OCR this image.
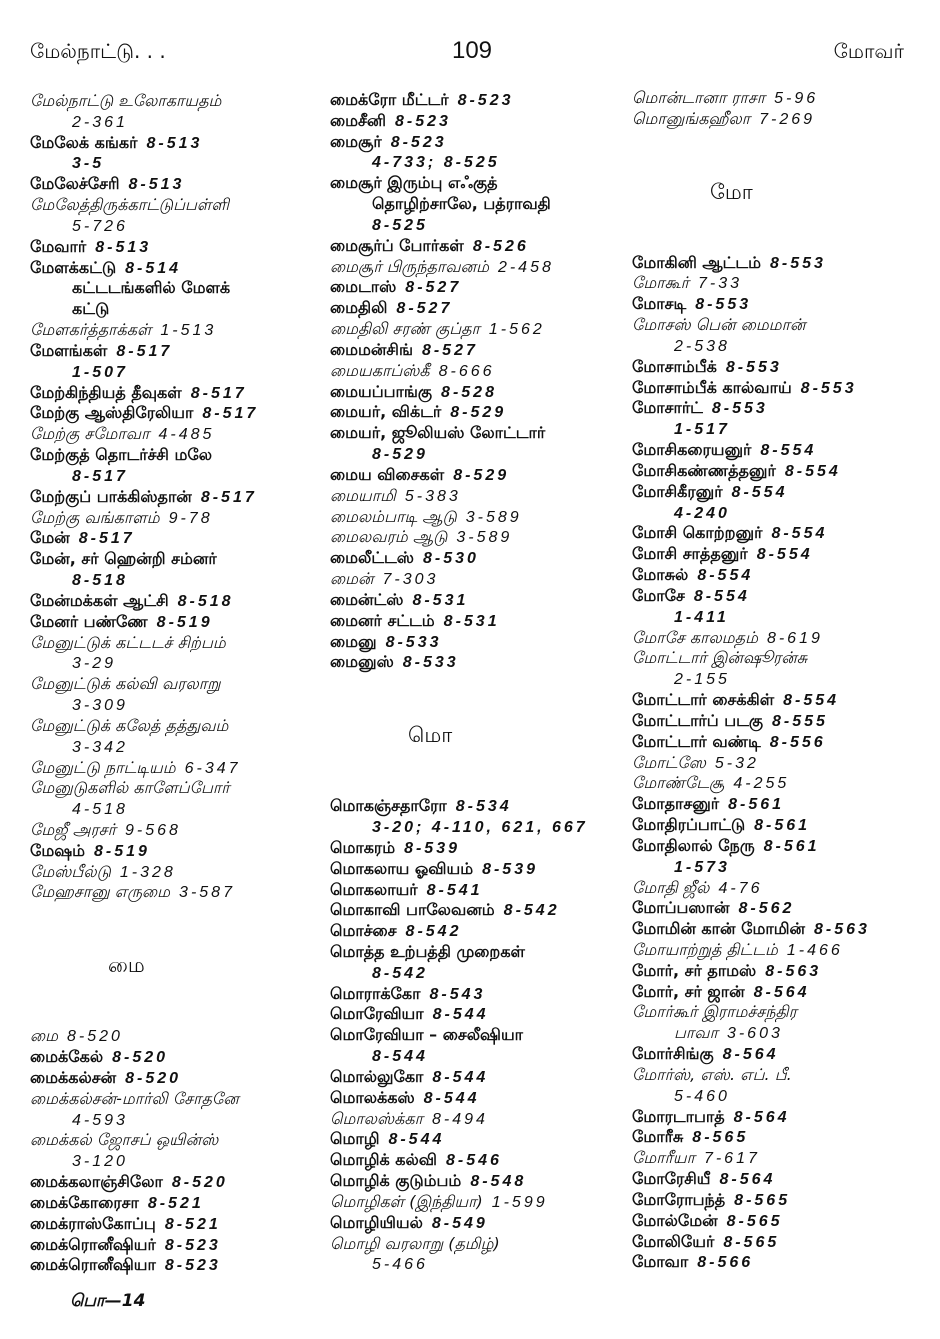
மேல்நாட்டு. . .	109	மோவர்
மேல்நாட்டு உலோகாயதம்
2-361
மேலேக் கங்கர் 8-513
3-5
மேலேச்சேரி 8-513
மேலேத்திருக்காட்டுப்பள்ளி
5-726
மேவார் 8-513
மேளக்கட்டு 8-514
கட்டடங்களில் மேளக்
கட்டு
மேளகர்த்தாக்கள் 1-513
மேளங்கள் 8-517
1-507
மேற்கிந்தியத் தீவுகள் 8-517
மேற்கு ஆஸ்திரேலியா 8-517
மேற்கு சமோவா 4-485
மேற்குத் தொடர்ச்சி மலே
8-517
மேற்குப் பாக்கிஸ்தான் 8-517
மேற்கு வங்காளம் 9-78
மேன் 8-517
மேன், சர் ஹென்றி சம்னர்
8-518
மேன்மக்கள் ஆட்சி 8-518
மேனர் பண்ணே 8-519
மேனுட்டுக் கட்டடச் சிற்பம்
3-29
மேனுட்டுக் கல்வி வரலாறு
3-309
மேனுட்டுக் கலேத் தத்துவம்
3-342
மேனுட்டு நாட்டியம் 6-347
மேனுடுகளில் காளேப்போர்
4-518
மேஜீ அரசர் 9-568
மேஷம் 8-519
மேஸ்பீல்டு 1-328
மேஹசானு எருமை 3-587
மை
மை 8-520
மைக்கேல் 8-520
மைக்கல்சன் 8-520
மைக்கல்சன்-மார்லி சோதனே
4-593
மைக்கல் ஜோசப் ஒயின்ஸ்
3-120
மைக்கலாஞ்சிலோ 8-520
மைக்கோரைசா 8-521
மைக்ராஸ்கோப்பு 8-521
மைக்ரொனீஷியர் 8-523
மைக்ரொனீஷியா 8-523
மைக்ரோ மீட்டர் 8-523
மைசீனி 8-523
மைசூர் 8-523
4-733; 8-525
மைசூர் இரும்பு எஃகுத்
தொழிற்சாலே, பத்ராவதி
8-525
மைசூர்ப் போர்கள் 8-526
மைசூர் பிருந்தாவனம் 2-458
மைடாஸ் 8-527
மைதிலி 8-527
மைதிலி சரண் குப்தா 1-562
மைமன்சிங் 8-527
மையகாப்ஸ்கீ 8-666
மையப்பாங்கு 8-528
மையர், விக்டர் 8-529
மையர், ஜூலியஸ் லோட்டார்
8-529
மைய விசைகள் 8-529
மையாமி 5-383
மைலம்பாடி ஆடு 3-589
மைலவரம் ஆடு 3-589
மைலீட்டஸ் 8-530
மைன் 7-303
மைன்ட்ஸ் 8-531
மைனர் சட்டம் 8-531
மைனு 8-533
மைனுஸ் 8-533
மொ
மொகஞ்சதாரோ 8-534
3-20; 4-110, 621, 667
மொகரம் 8-539
மொகலாய ஓவியம் 8-539
மொகலாயர் 8-541
மொகாவி பாலேவனம் 8-542
மொச்சை 8-542
மொத்த உற்பத்தி முறைகள்
8-542
மொராக்கோ 8-543
மொரேவியா 8-544
மொரேவியா – சைலீஷியா
8-544
மொல்லுகோ 8-544
மொலக்கஸ் 8-544
மொலஸ்க்கா 8-494
மொழி 8-544
மொழிக் கல்வி 8-546
மொழிக் குடும்பம் 8-548
மொழிகள் (இந்தியா) 1-599
மொழியியல் 8-549
மொழி வரலாறு (தமிழ்)
5-466
மொன்டானா ராசா 5-96
மொனுங்கஹீலா 7-269
மோ
மோகினி ஆட்டம் 8-553
மோகூர் 7-33
மோசடி 8-553
மோசஸ் பென் மைமான்
2-538
மோசாம்பீக் 8-553
மோசாம்பீக் கால்வாய் 8-553
மோசார்ட் 8-553
1-517
மோசிகரையனுர் 8-554
மோசிகண்ணத்தனுர் 8-554
மோசிகீரனுர் 8-554
4-240
மோசி கொற்றனுர் 8-554
மோசி சாத்தனுர் 8-554
மோசுல் 8-554
மோசே 8-554
1-411
மோசே காலமதம் 8-619
மோட்டார் இன்ஷூரன்சு
2-155
மோட்டார் சைக்கிள் 8-554
மோட்டார்ப் படகு 8-555
மோட்டார் வண்டி 8-556
மோட்ஸே 5-32
மோண்டேசூ 4-255
மோதாசனுர் 8-561
மோதிரப்பாட்டு 8-561
மோதிலால் நேரு 8-561
1-573
மோதி ஜீல் 4-76
மோப்பஸான் 8-562
மோமின் கான் மோமின் 8-563
மோயாற்றுத் திட்டம் 1-466
மோர், சர் தாமஸ் 8-563
மோர், சர் ஜான் 8-564
மோர்கூர் இராமச்சந்திர
பாவா 3-603
மோர்சிங்கு 8-564
மோர்ஸ், எஸ். எப். பீ.
5-460
மோரடாபாத் 8-564
மோரீசு 8-565
மோரீயா 7-617
மோரேசியீ 8-564
மோரோபந்த் 8-565
மோல்மேன் 8-565
மோலியேர் 8-565
மோவா 8-566
பொ—14
